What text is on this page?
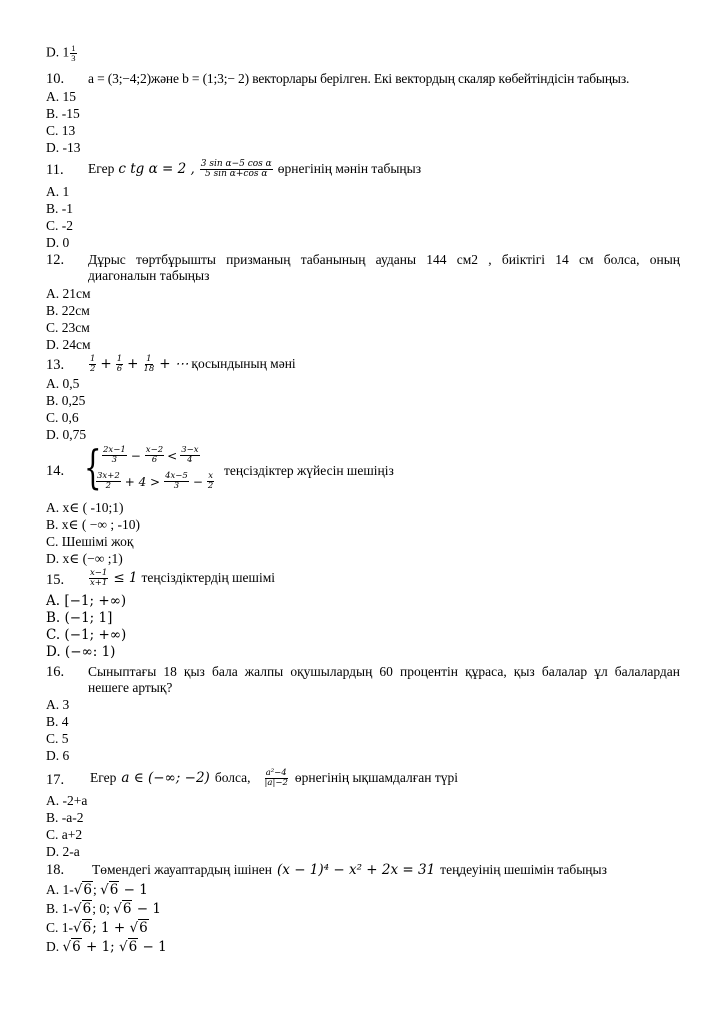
D. $1 \frac{1}{3}$
10. a = (3;−4;2)және b = (1;3;− 2) векторлары берілген. Екі вектордың скаляр көбейтіндісін табыңыз.
A. 15
B. -15
C. 13
D. -13
11. Егер c tg α = 2 , $\frac{\text{3 sin α−5 cos α}}{\text{5 sin α+cos α}}$ өрнегінің мәнін табыңыз
A. 1
B. -1
C. -2
D. 0
12. Дұрыс төртбұрышты призманың табанының ауданы 144 см2 , биіктігі 14 см болса, оның
диагоналын табыңыз
A. 21см
B. 22см
C. 23см
D. 24см
13.	$\frac{1}{2} + \frac{1}{6} + \frac{1}{18}$ + ⋯ қосындының мәні
A. 0,5
B. 0,25
C. 0,6
D. 0,75
14. { $\frac{2x-1}{3} - \frac{x-2}{6} < \frac{3-x}{4}$
$\frac{3x+2}{2} + 4 > \frac{4x-5}{3} - \frac{x}{2}$
теңсіздіктер жүйесін шешіңіз
A. x∈ ( -10;1)
B. x∈ ( −∞ ; -10)
C. Шешімі жоқ
D. x∈ (−∞ ;1)
15.	$\frac{x-1}{x+1} \le 1$ теңсіздіктердің шешімі
A. [−1; +∞)
B. (−1; 1]
C. (−1; +∞)
D. (−∞: 1)
16. Сыныптағы 18 қыз бала жалпы оқушылардың 60 процентін құраса, қыз балалар ұл балалардан
нешеге артық?
A. 3
B. 4
C. 5
D. 6
17. Егер a ∈ (−∞; −2) болса, $\frac{\text{a²−4}}{|a|-2}$ өрнегінің ықшамдалған түрі
A. -2+a
B. -a-2
C. a+2
D. 2-a
18. Төмендегі жауаптардың ішінен (x − 1)⁴ − x² + 2x = 31 теңдеуінің шешімін табыңыз
A. 1-√6; √6 − 1
B. 1-√6; 0; √6 − 1
C. 1-√6; 1 + √6
D. √6 + 1; √6 − 1
